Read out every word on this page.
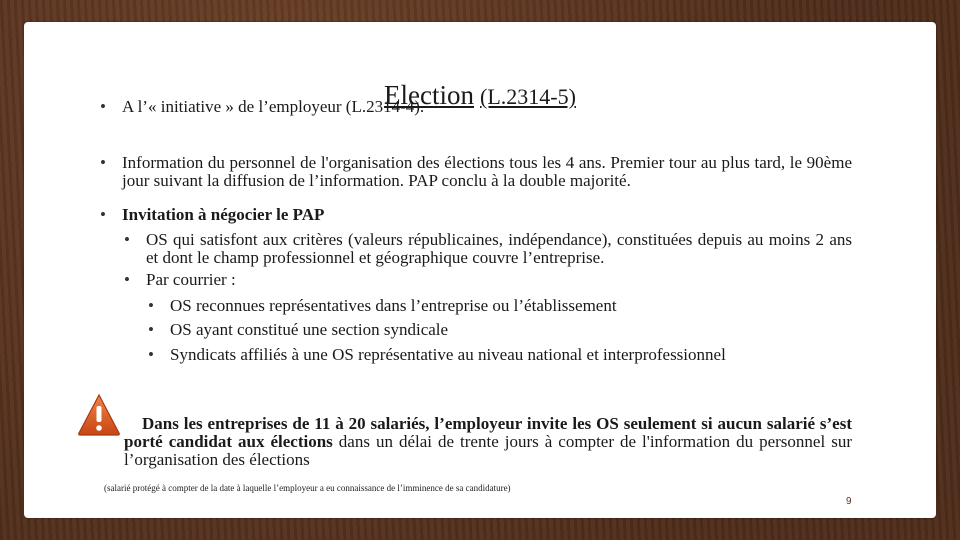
Election (L.2314-5)
• A l’« initiative » de l’employeur (L.2314-4).
• Information du personnel de l'organisation des élections tous les 4 ans. Premier tour au plus tard, le 90ème jour suivant la diffusion de l’information. PAP conclu à la double majorité.
• Invitation à négocier le PAP
• OS qui satisfont aux critères (valeurs républicaines, indépendance), constituées depuis au moins 2 ans et dont le champ professionnel et géographique couvre l’entreprise.
• Par courrier :
• OS reconnues représentatives dans l’entreprise ou l’établissement
• OS ayant constitué une section syndicale
• Syndicats affiliés à une OS représentative au niveau national et interprofessionnel
Dans les entreprises de 11 à 20 salariés, l’employeur invite les OS seulement si aucun salarié s’est porté candidat aux élections dans un délai de trente jours à compter de l'information du personnel sur l’organisation des élections
(salarié protégé à compter de la date à laquelle l’employeur a eu connaissance de l’imminence de sa candidature)
9
